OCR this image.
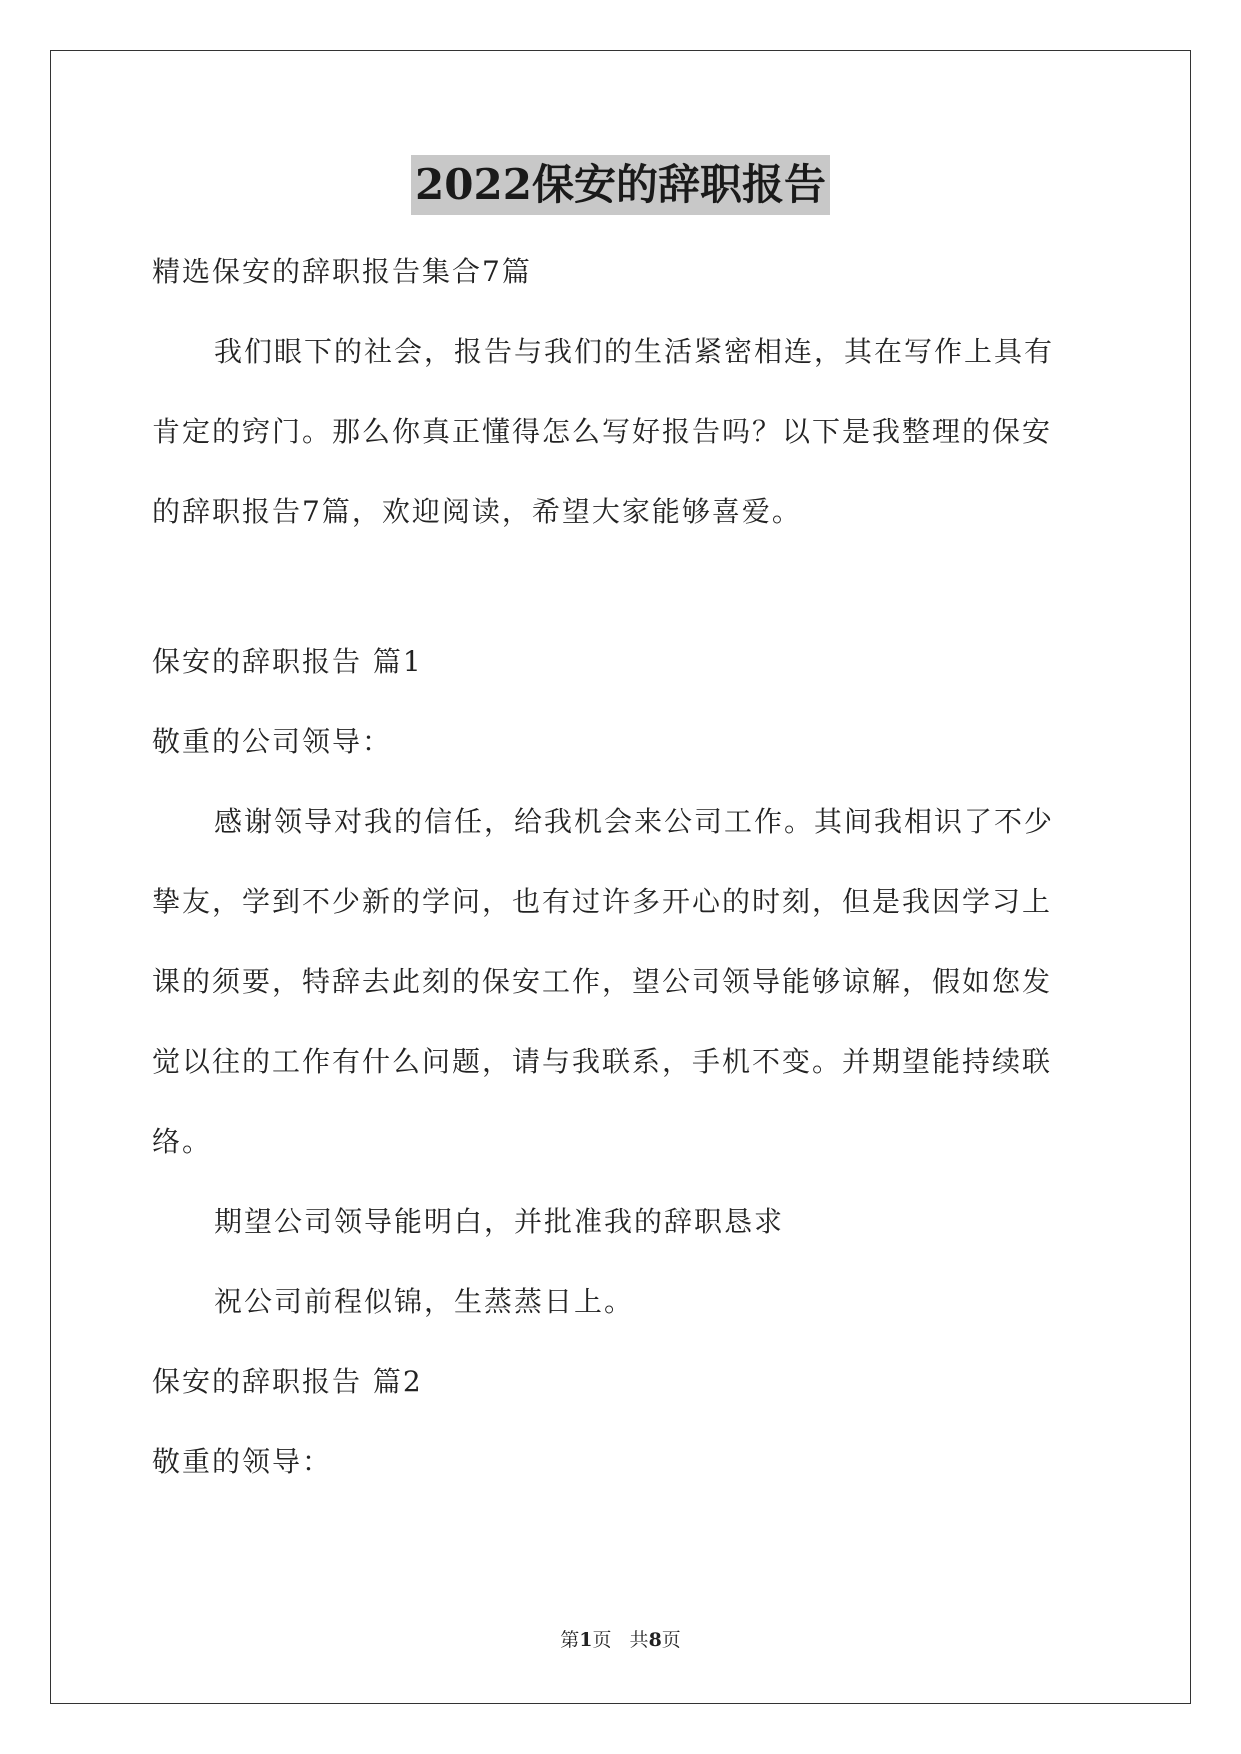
2022保安的辞职报告
精选保安的辞职报告集合7篇
我们眼下的社会，报告与我们的生活紧密相连，其在写作上具有
肯定的窍门。那么你真正懂得怎么写好报告吗？以下是我整理的保安
的辞职报告7篇，欢迎阅读，希望大家能够喜爱。
保安的辞职报告 篇1
敬重的公司领导：
感谢领导对我的信任，给我机会来公司工作。其间我相识了不少
挚友，学到不少新的学问，也有过许多开心的时刻，但是我因学习上
课的须要，特辞去此刻的保安工作，望公司领导能够谅解，假如您发
觉以往的工作有什么问题，请与我联系，手机不变。并期望能持续联
络。
期望公司领导能明白，并批准我的辞职恳求
祝公司前程似锦，生蒸蒸日上。
保安的辞职报告 篇2
敬重的领导：
第1页   共8页
